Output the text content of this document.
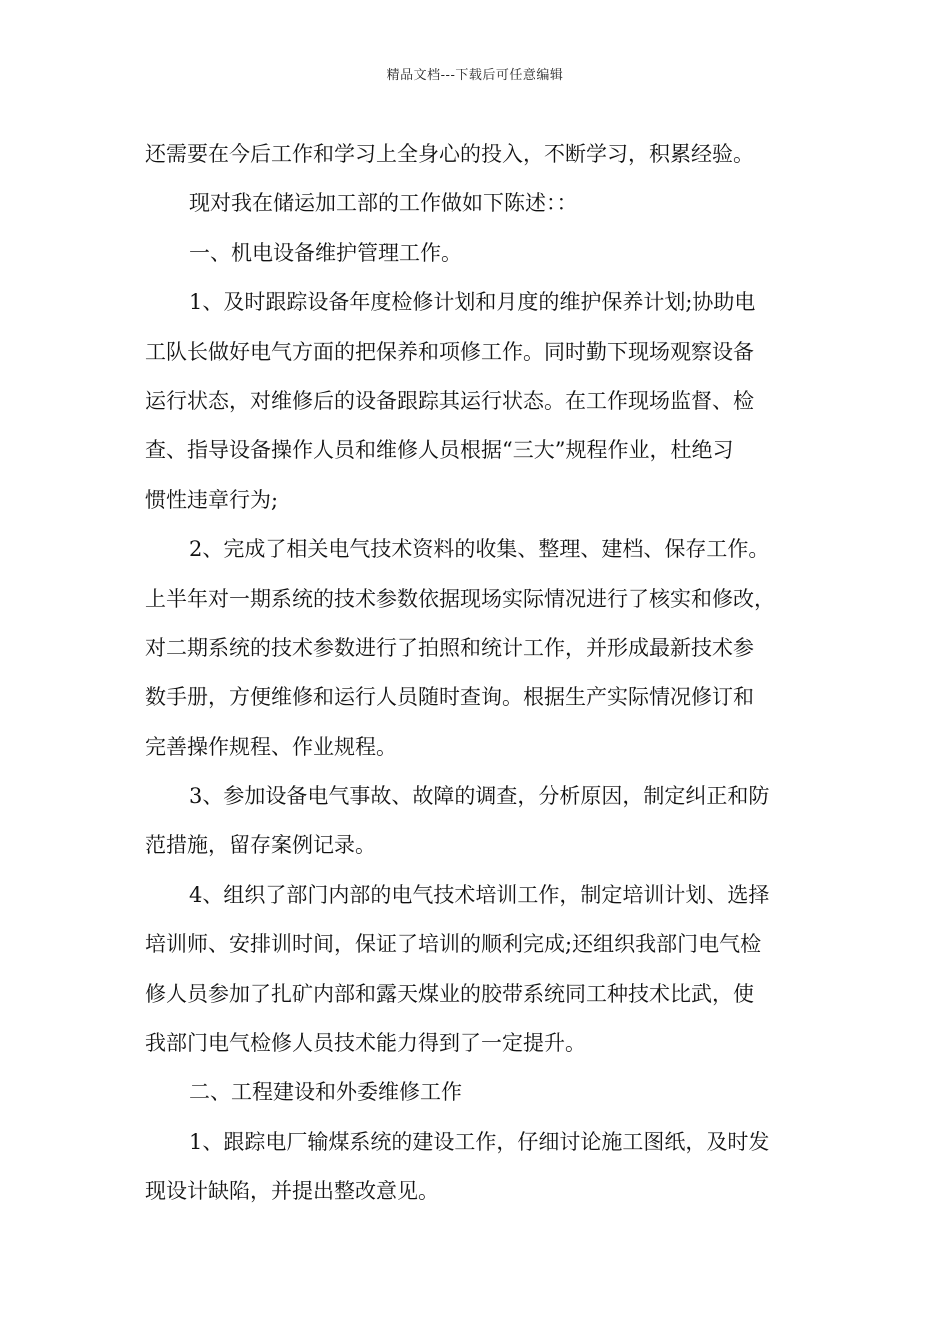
精品文档---下载后可任意编辑
还需要在今后工作和学习上全身心的投入，不断学习，积累经验。
现对我在储运加工部的工作做如下陈述：：
一、机电设备维护管理工作。
1、及时跟踪设备年度检修计划和月度的维护保养计划;协助电
工队长做好电气方面的把保养和项修工作。同时勤下现场观察设备
运行状态，对维修后的设备跟踪其运行状态。在工作现场监督、检
查、指导设备操作人员和维修人员根据“三大”规程作业，杜绝习
惯性违章行为;
2、完成了相关电气技术资料的收集、整理、建档、保存工作。
上半年对一期系统的技术参数依据现场实际情况进行了核实和修改，
对二期系统的技术参数进行了拍照和统计工作，并形成最新技术参
数手册，方便维修和运行人员随时查询。根据生产实际情况修订和
完善操作规程、作业规程。
3、参加设备电气事故、故障的调查，分析原因，制定纠正和防
范措施，留存案例记录。
4、组织了部门内部的电气技术培训工作，制定培训计划、选择
培训师、安排训时间，保证了培训的顺利完成;还组织我部门电气检
修人员参加了扎矿内部和露天煤业的胶带系统同工种技术比武，使
我部门电气检修人员技术能力得到了一定提升。
二、工程建设和外委维修工作
1、跟踪电厂输煤系统的建设工作，仔细讨论施工图纸，及时发
现设计缺陷，并提出整改意见。
